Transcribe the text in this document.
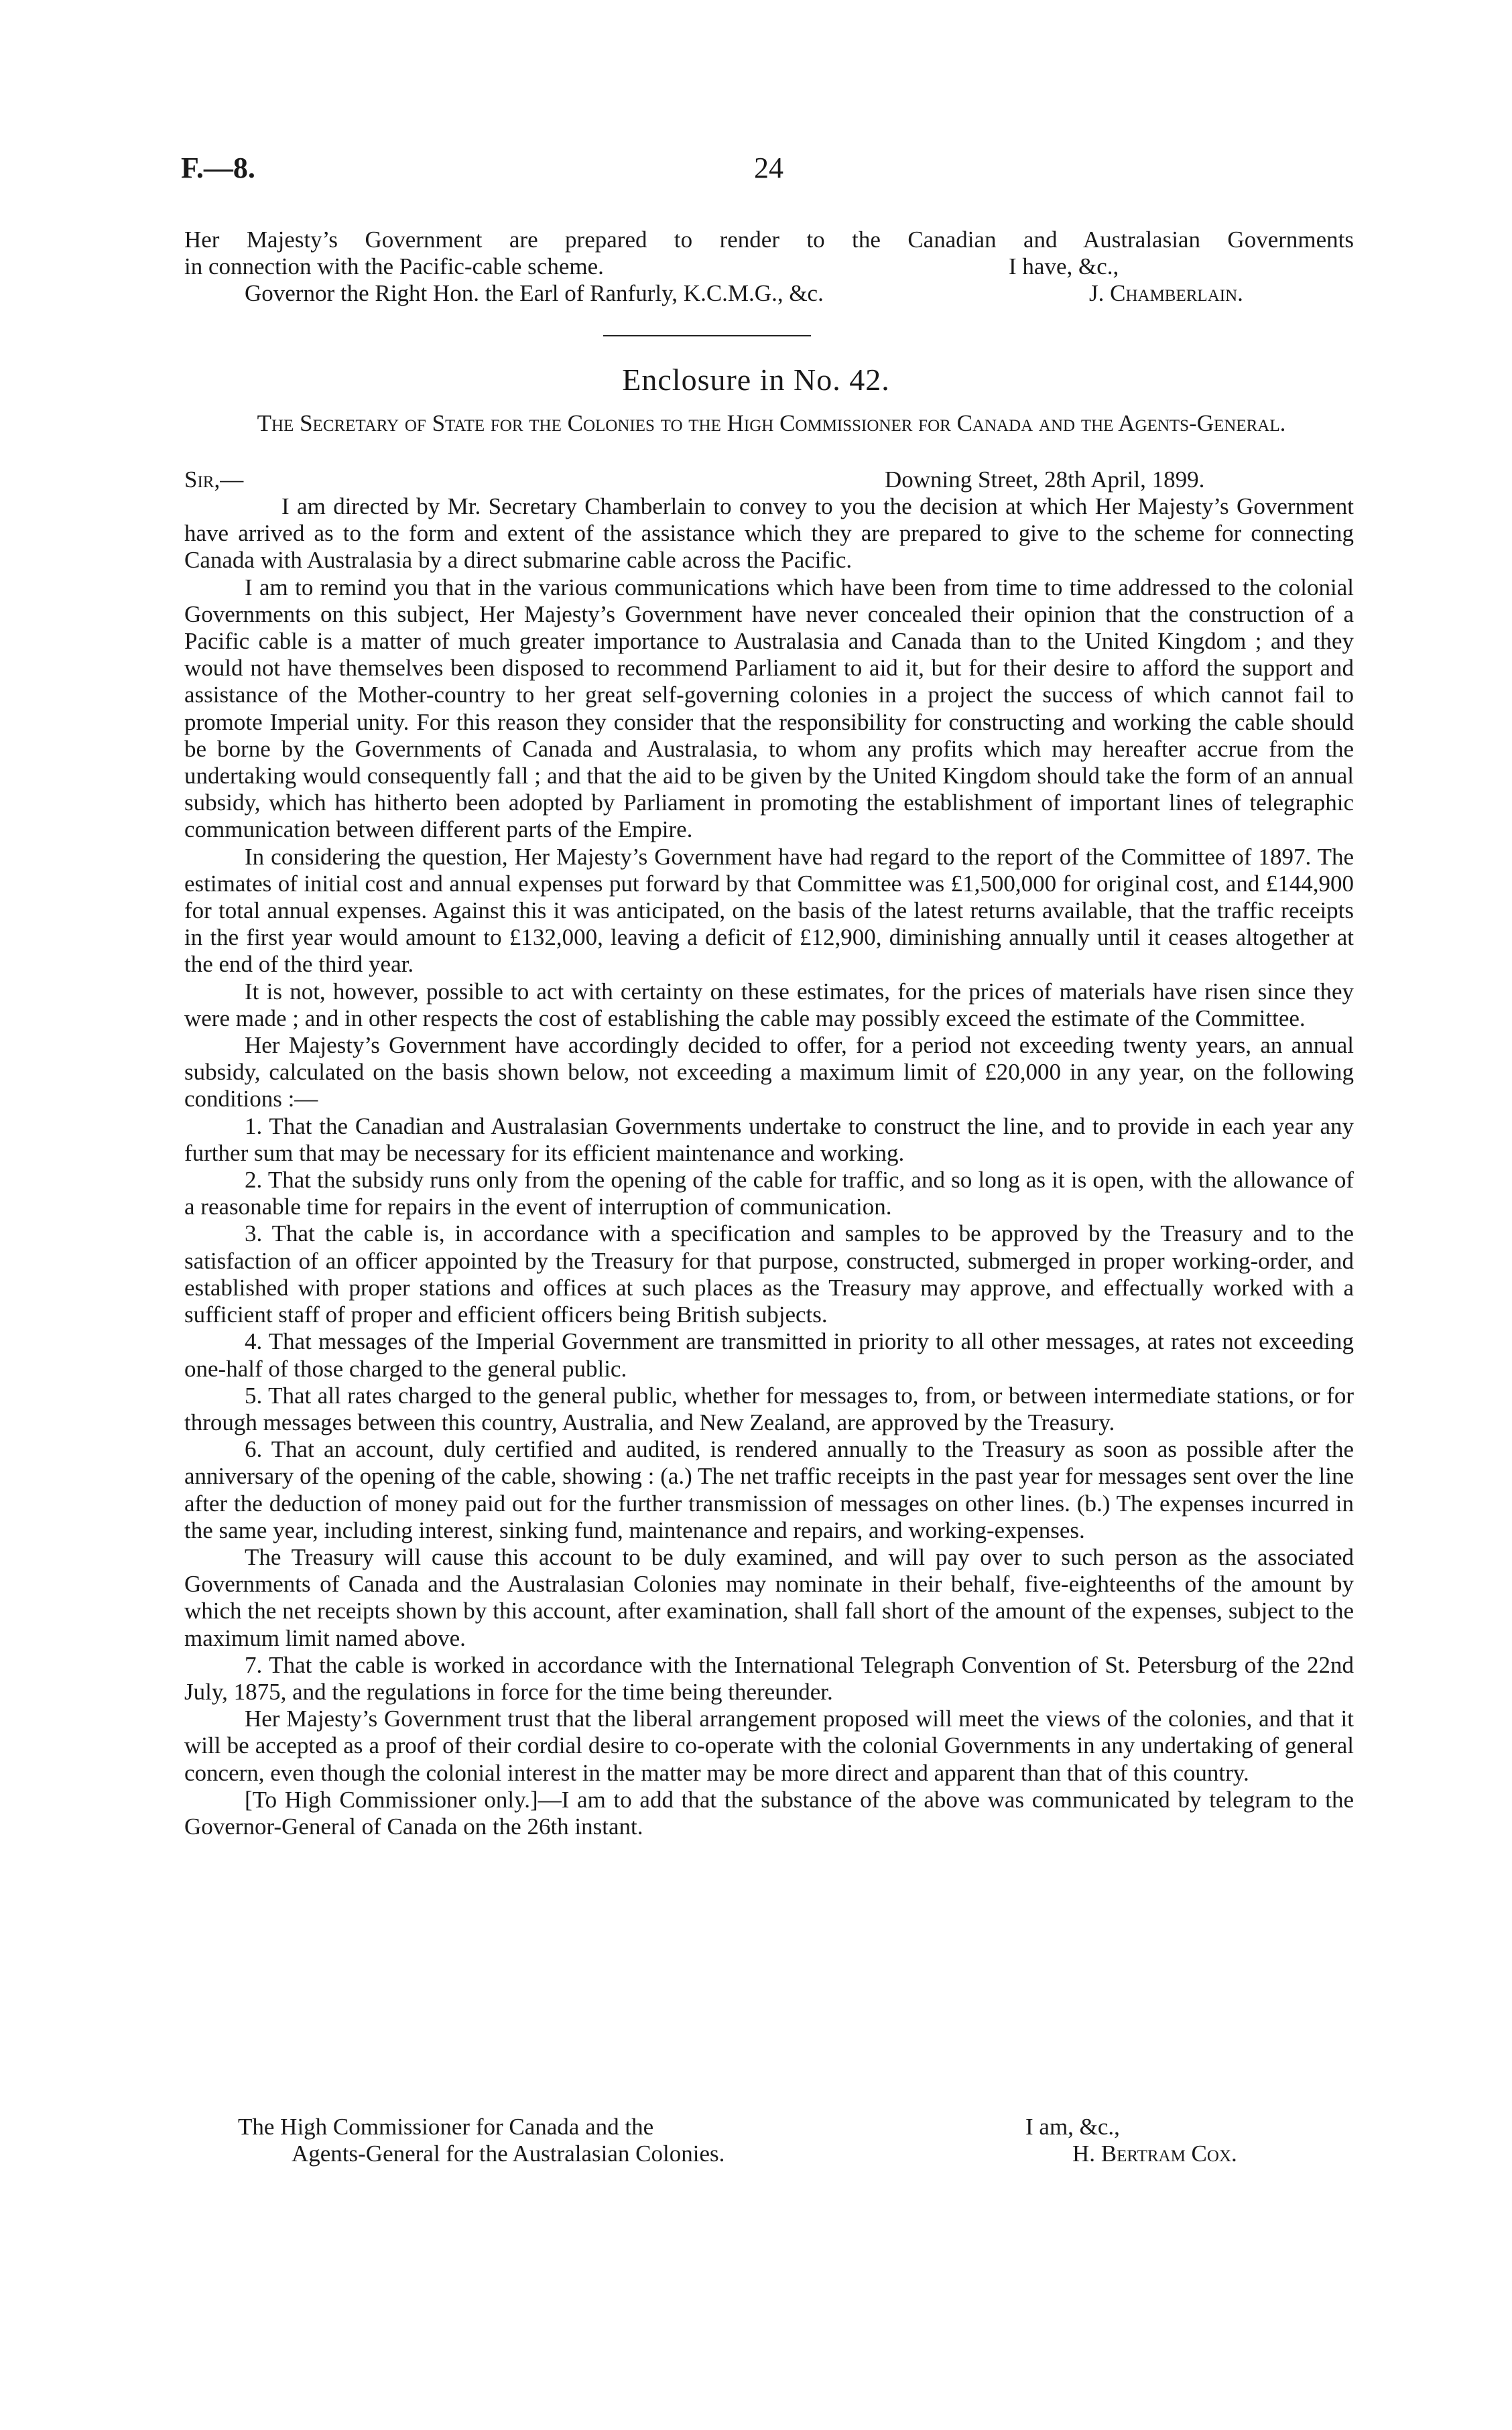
F.—8.	24
Her Majesty’s Government are prepared to render to the Canadian and Australasian Governments
in connection with the Pacific-cable scheme.	I have, &c.,
Governor the Right Hon. the Earl of Ranfurly, K.C.M.G., &c.	J. Chamberlain.
Enclosure in No. 42.
The Secretary of State for the Colonies to the High Commissioner for Canada and the Agents-General.
Sir,—	Downing Street, 28th April, 1899.

I am directed by Mr. Secretary Chamberlain to convey to you the decision at which Her Majesty’s Government have arrived as to the form and extent of the assistance which they are prepared to give to the scheme for connecting Canada with Australasia by a direct submarine cable across the Pacific.

I am to remind you that in the various communications which have been from time to time addressed to the colonial Governments on this subject, Her Majesty’s Government have never concealed their opinion that the construction of a Pacific cable is a matter of much greater importance to Australasia and Canada than to the United Kingdom ; and they would not have themselves been disposed to recommend Parliament to aid it, but for their desire to afford the support and assistance of the Mother-country to her great self-governing colonies in a project the success of which cannot fail to promote Imperial unity. For this reason they consider that the responsibility for constructing and working the cable should be borne by the Governments of Canada and Australasia, to whom any profits which may hereafter accrue from the undertaking would consequently fall ; and that the aid to be given by the United Kingdom should take the form of an annual subsidy, which has hitherto been adopted by Parliament in promoting the establishment of important lines of telegraphic communication between different parts of the Empire.

In considering the question, Her Majesty’s Government have had regard to the report of the Committee of 1897. The estimates of initial cost and annual expenses put forward by that Committee was £1,500,000 for original cost, and £144,900 for total annual expenses. Against this it was anticipated, on the basis of the latest returns available, that the traffic receipts in the first year would amount to £132,000, leaving a deficit of £12,900, diminishing annually until it ceases altogether at the end of the third year.

It is not, however, possible to act with certainty on these estimates, for the prices of materials have risen since they were made ; and in other respects the cost of establishing the cable may possibly exceed the estimate of the Committee.

Her Majesty’s Government have accordingly decided to offer, for a period not exceeding twenty years, an annual subsidy, calculated on the basis shown below, not exceeding a maximum limit of £20,000 in any year, on the following conditions :—

1. That the Canadian and Australasian Governments undertake to construct the line, and to provide in each year any further sum that may be necessary for its efficient maintenance and working.

2. That the subsidy runs only from the opening of the cable for traffic, and so long as it is open, with the allowance of a reasonable time for repairs in the event of interruption of communication.

3. That the cable is, in accordance with a specification and samples to be approved by the Treasury and to the satisfaction of an officer appointed by the Treasury for that purpose, constructed, submerged in proper working-order, and established with proper stations and offices at such places as the Treasury may approve, and effectually worked with a sufficient staff of proper and efficient officers being British subjects.

4. That messages of the Imperial Government are transmitted in priority to all other messages, at rates not exceeding one-half of those charged to the general public.

5. That all rates charged to the general public, whether for messages to, from, or between intermediate stations, or for through messages between this country, Australia, and New Zealand, are approved by the Treasury.

6. That an account, duly certified and audited, is rendered annually to the Treasury as soon as possible after the anniversary of the opening of the cable, showing : (a.) The net traffic receipts in the past year for messages sent over the line after the deduction of money paid out for the further transmission of messages on other lines. (b.) The expenses incurred in the same year, including interest, sinking fund, maintenance and repairs, and working-expenses.

The Treasury will cause this account to be duly examined, and will pay over to such person as the associated Governments of Canada and the Australasian Colonies may nominate in their behalf, five-eighteenths of the amount by which the net receipts shown by this account, after examination, shall fall short of the amount of the expenses, subject to the maximum limit named above.

7. That the cable is worked in accordance with the International Telegraph Convention of St. Petersburg of the 22nd July, 1875, and the regulations in force for the time being thereunder.

Her Majesty’s Government trust that the liberal arrangement proposed will meet the views of the colonies, and that it will be accepted as a proof of their cordial desire to co-operate with the colonial Governments in any undertaking of general concern, even though the colonial interest in the matter may be more direct and apparent than that of this country.

[To High Commissioner only.]—I am to add that the substance of the above was communicated by telegram to the Governor-General of Canada on the 26th instant.

The High Commissioner for Canada and the	I am, &c.,
Agents-General for the Australasian Colonies.	H. Bertram Cox.
